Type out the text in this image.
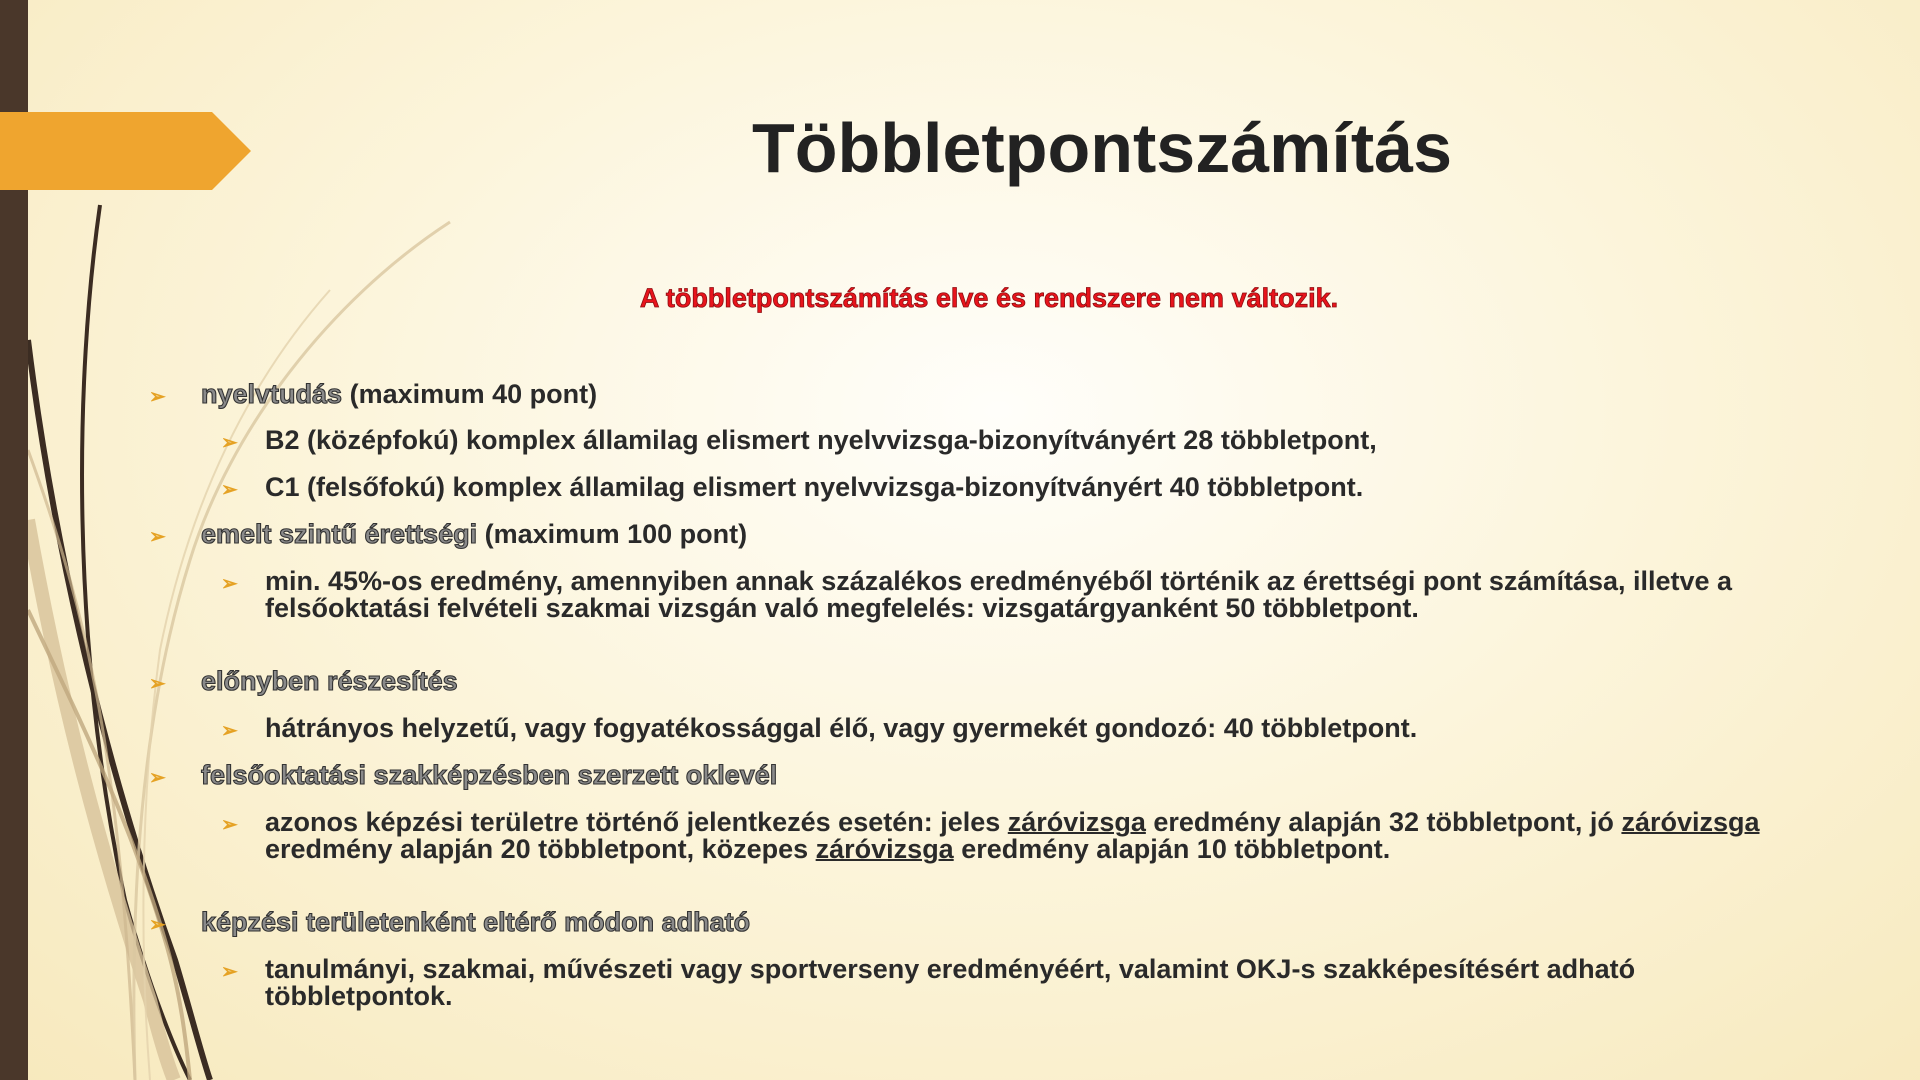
Többletpontszámítás

A többletpontszámítás elve és rendszere nem változik.

➢ nyelvtudás (maximum 40 pont)
➢ B2 (középfokú) komplex államilag elismert nyelvvizsga-bizonyítványért 28 többletpont,
➢ C1 (felsőfokú) komplex államilag elismert nyelvvizsga-bizonyítványért 40 többletpont.
➢ emelt szintű érettségi (maximum 100 pont)
➢ min. 45%-os eredmény, amennyiben annak százalékos eredményéből történik az érettségi pont számítása, illetve a felsőoktatási felvételi szakmai vizsgán való megfelelés: vizsgatárgyanként 50 többletpont.
➢ előnyben részesítés
➢ hátrányos helyzetű, vagy fogyatékossággal élő, vagy gyermekét gondozó: 40 többletpont.
➢ felsőoktatási szakképzésben szerzett oklevél
➢ azonos képzési területre történő jelentkezés esetén: jeles záróvizsga eredmény alapján 32 többletpont, jó záróvizsga eredmény alapján 20 többletpont, közepes záróvizsga eredmény alapján 10 többletpont.
➢ képzési területenként eltérő módon adható
➢ tanulmányi, szakmai, művészeti vagy sportverseny eredményéért, valamint OKJ-s szakképesítésért adható többletpontok.
